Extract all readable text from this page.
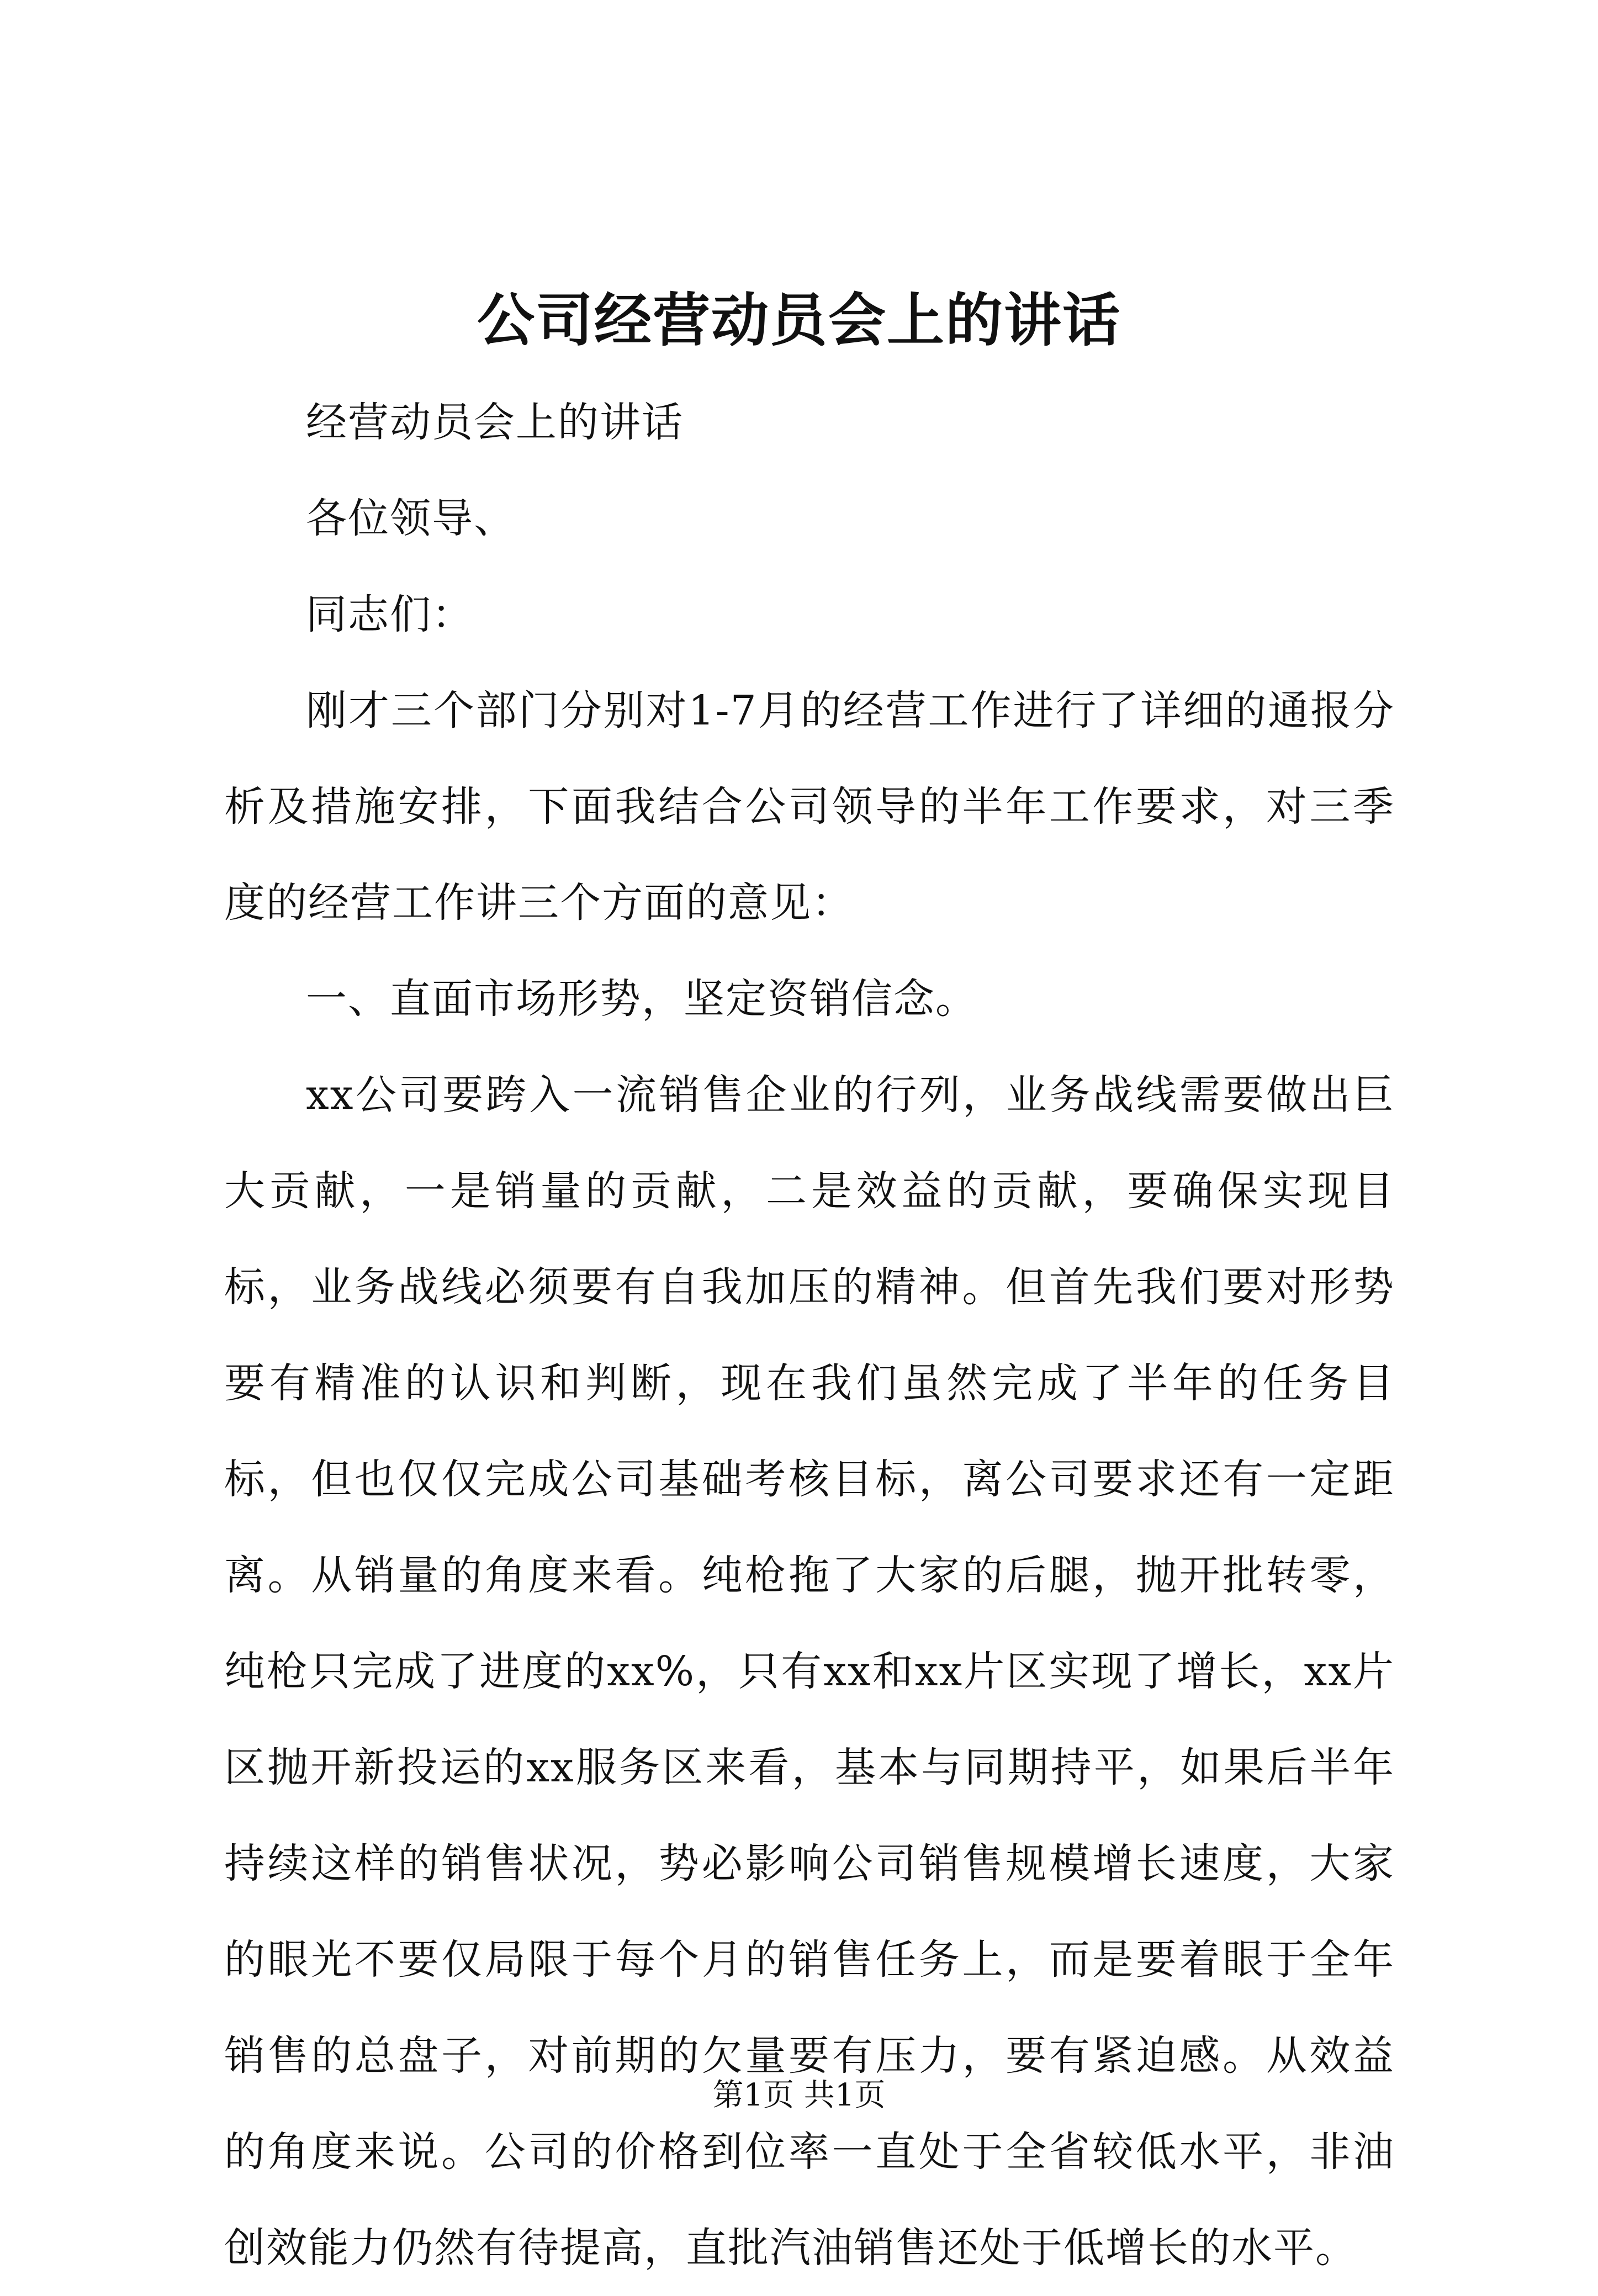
公司经营动员会上的讲话

经营动员会上的讲话

各位领导、

同志们：

刚才三个部门分别对1-7月的经营工作进行了详细的通报分析及措施安排，下面我结合公司领导的半年工作要求，对三季度的经营工作讲三个方面的意见：

一、直面市场形势，坚定资销信念。

xx公司要跨入一流销售企业的行列，业务战线需要做出巨大贡献，一是销量的贡献，二是效益的贡献，要确保实现目标，业务战线必须要有自我加压的精神。但首先我们要对形势要有精准的认识和判断，现在我们虽然完成了半年的任务目标，但也仅仅完成公司基础考核目标，离公司要求还有一定距离。从销量的角度来看。纯枪拖了大家的后腿，抛开批转零，纯枪只完成了进度的xx%，只有xx和xx片区实现了增长，xx片区抛开新投运的xx服务区来看，基本与同期持平，如果后半年持续这样的销售状况，势必影响公司销售规模增长速度，大家的眼光不要仅局限于每个月的销售任务上，而是要着眼于全年销售的总盘子，对前期的欠量要有压力，要有紧迫感。从效益的角度来说。公司的价格到位率一直处于全省较低水平，非油创效能力仍然有待提高，直批汽油销售还处于低增长的水平。

第1页 共1页
